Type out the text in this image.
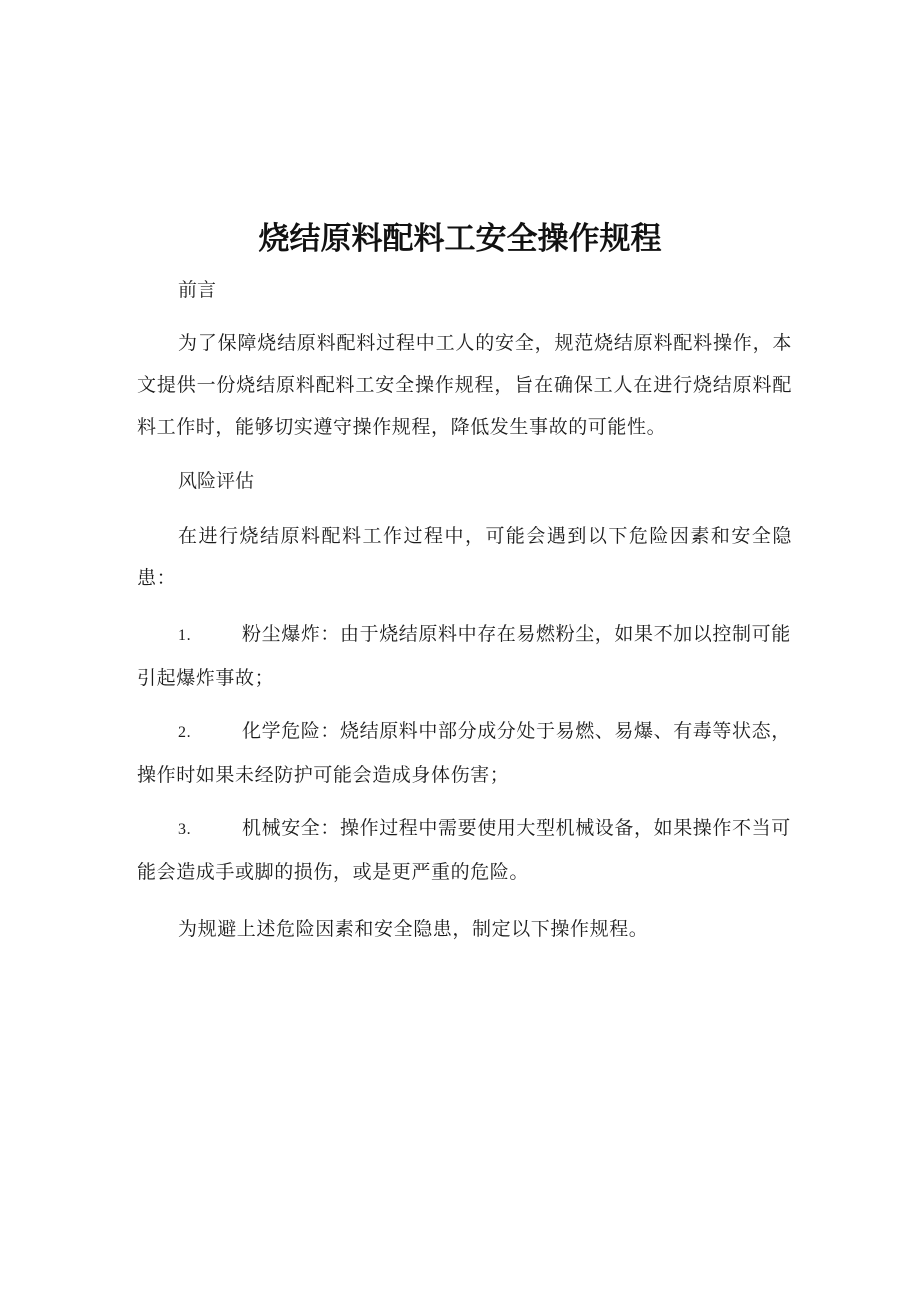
烧结原料配料工安全操作规程
前言
为了保障烧结原料配料过程中工人的安全，规范烧结原料配料操作，本文提供一份烧结原料配料工安全操作规程，旨在确保工人在进行烧结原料配料工作时，能够切实遵守操作规程，降低发生事故的可能性。
风险评估
在进行烧结原料配料工作过程中，可能会遇到以下危险因素和安全隐患：
1.	粉尘爆炸：由于烧结原料中存在易燃粉尘，如果不加以控制可能引起爆炸事故；
2.	化学危险：烧结原料中部分成分处于易燃、易爆、有毒等状态，操作时如果未经防护可能会造成身体伤害；
3.	机械安全：操作过程中需要使用大型机械设备，如果操作不当可能会造成手或脚的损伤，或是更严重的危险。
为规避上述危险因素和安全隐患，制定以下操作规程。
